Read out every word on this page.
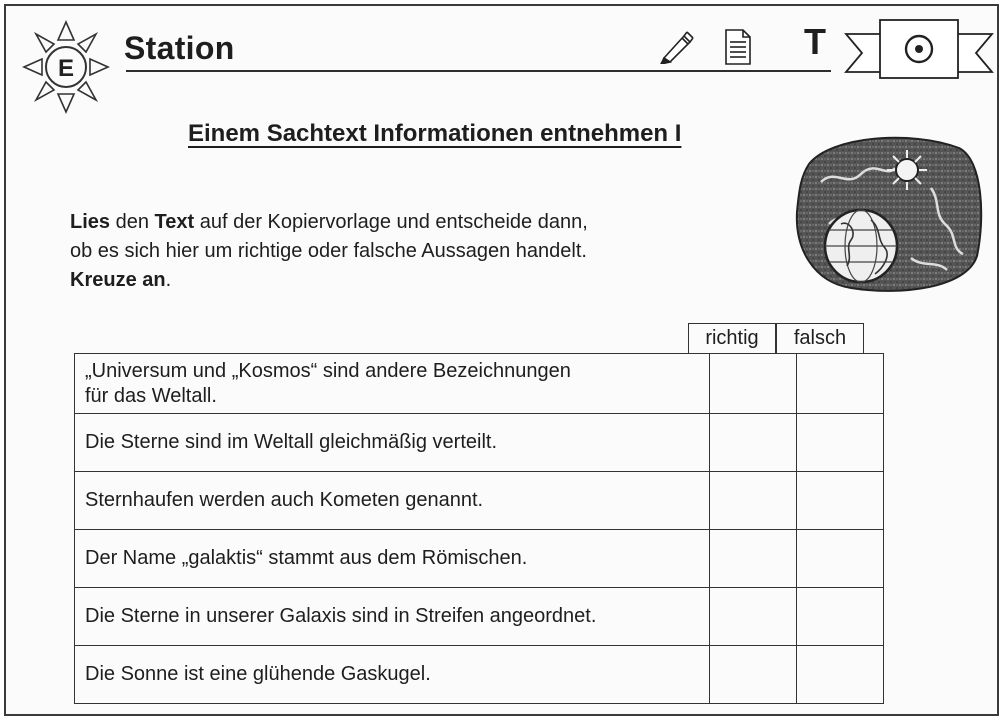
E
Station	T
Einem Sachtext Informationen entnehmen I
Lies den Text auf der Kopiervorlage und entscheide dann,
ob es sich hier um richtige oder falsche Aussagen handelt.
Kreuze an.
richtig	falsch
„Universum und „Kosmos“ sind andere Bezeichnungen
für das Weltall.		

Die Sterne sind im Weltall gleichmäßig verteilt.		
Sternhaufen werden auch Kometen genannt.		
Der Name „galaktis“ stammt aus dem Römischen.		
Die Sterne in unserer Galaxis sind in Streifen angeordnet.		
Die Sonne ist eine glühende Gaskugel.		
